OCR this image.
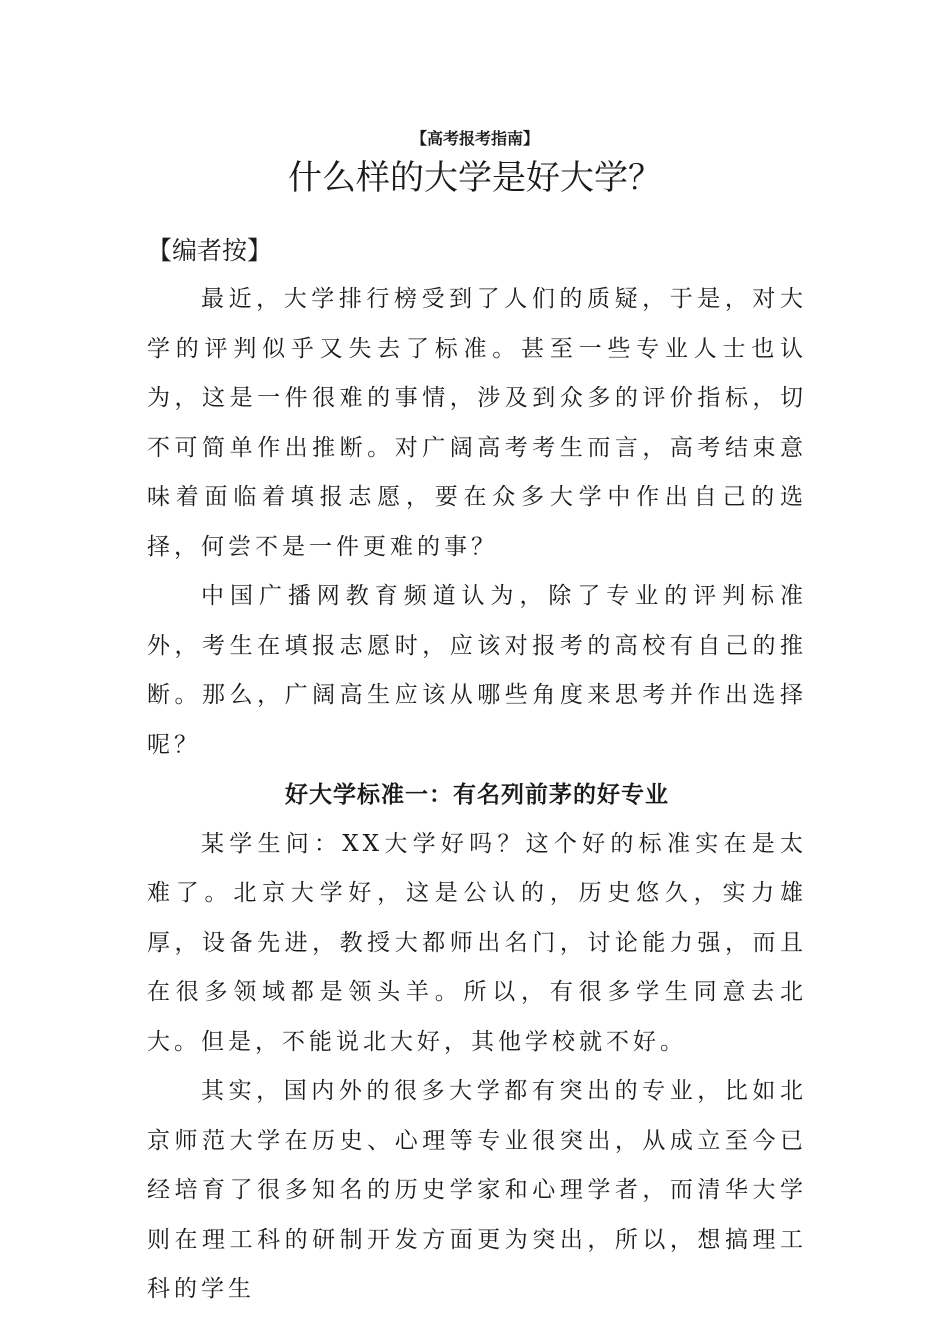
【高考报考指南】
什么样的大学是好大学？

【编者按】

最近，大学排行榜受到了人们的质疑，于是，对大学的评判似乎又失去了标准。甚至一些专业人士也认为，这是一件很难的事情，涉及到众多的评价指标，切不可简单作出推断。对广阔高考考生而言，高考结束意味着面临着填报志愿，要在众多大学中作出自己的选择，何尝不是一件更难的事？

中国广播网教育频道认为，除了专业的评判标准外，考生在填报志愿时，应该对报考的高校有自己的推断。那么，广阔高生应该从哪些角度来思考并作出选择呢？

好大学标准一：有名列前茅的好专业

某学生问：XX大学好吗？这个好的标准实在是太难了。北京大学好，这是公认的，历史悠久，实力雄厚，设备先进，教授大都师出名门，讨论能力强，而且在很多领域都是领头羊。所以，有很多学生同意去北大。但是，不能说北大好，其他学校就不好。

其实，国内外的很多大学都有突出的专业，比如北京师范大学在历史、心理等专业很突出，从成立至今已经培育了很多知名的历史学家和心理学者，而清华大学则在理工科的研制开发方面更为突出，所以，想搞理工科的学生
